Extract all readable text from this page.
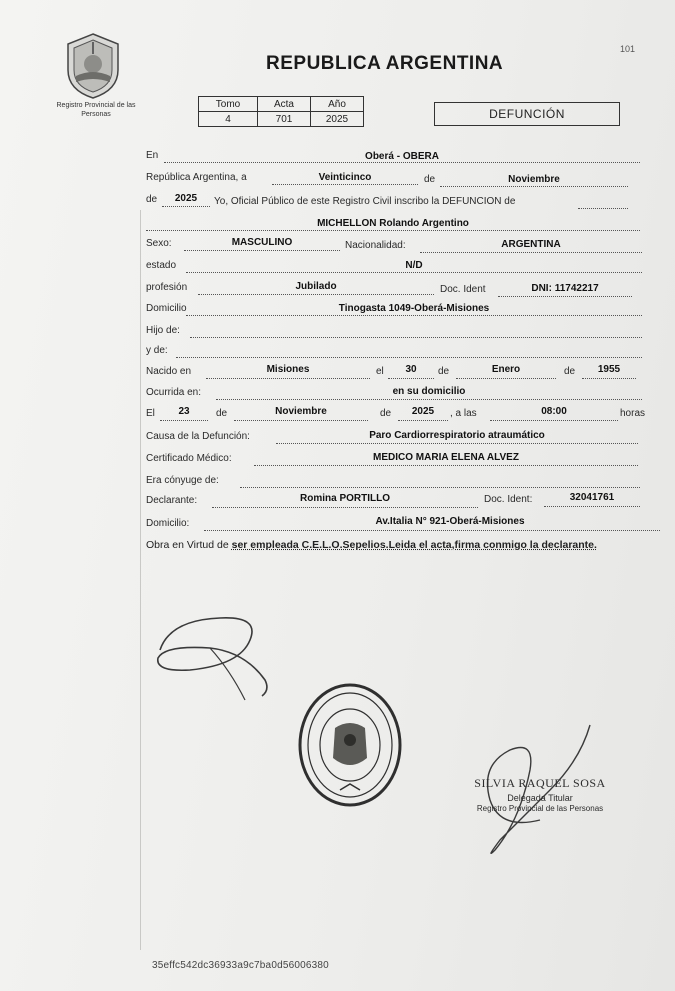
Registro Provincial de las Personas
101
REPUBLICA ARGENTINA
Tomo	Acta	Año
4	701	2025	DEFUNCIÓN
En	Oberá - OBERA
República Argentina, a	Veinticinco	de	Noviembre
de	2025	Yo, Oficial Público de este Registro Civil inscribo la DEFUNCION de
MICHELLON Rolando Argentino
Sexo:	MASCULINO	Nacionalidad:	ARGENTINA
estado	N/D
profesión	Jubilado	Doc. Ident	DNI: 11742217
Domicilio	Tinogasta 1049-Oberá-Misiones
Hijo de:
y de:
Nacido en	Misiones	el	30	de	Enero	de	1955
Ocurrida en:	en su domicilio
El	23	de	Noviembre	de	2025	, a las	08:00	horas
Causa de la Defunción:	Paro Cardiorrespiratorio atraumático
Certificado Médico:	MEDICO MARIA ELENA ALVEZ
Era cónyuge de:
Declarante:	Romina PORTILLO	Doc. Ident:	32041761
Domicilio:	Av.Italia N° 921-Oberá-Misiones
Obra en Virtud de ser empleada C.E.L.O.Sepelios.Leida el acta,firma conmigo la declarante.
SILVIA RAQUEL SOSA
Delegada Titular
Registro Provincial de las Personas
35effc542dc36933a9c7ba0d56006380
